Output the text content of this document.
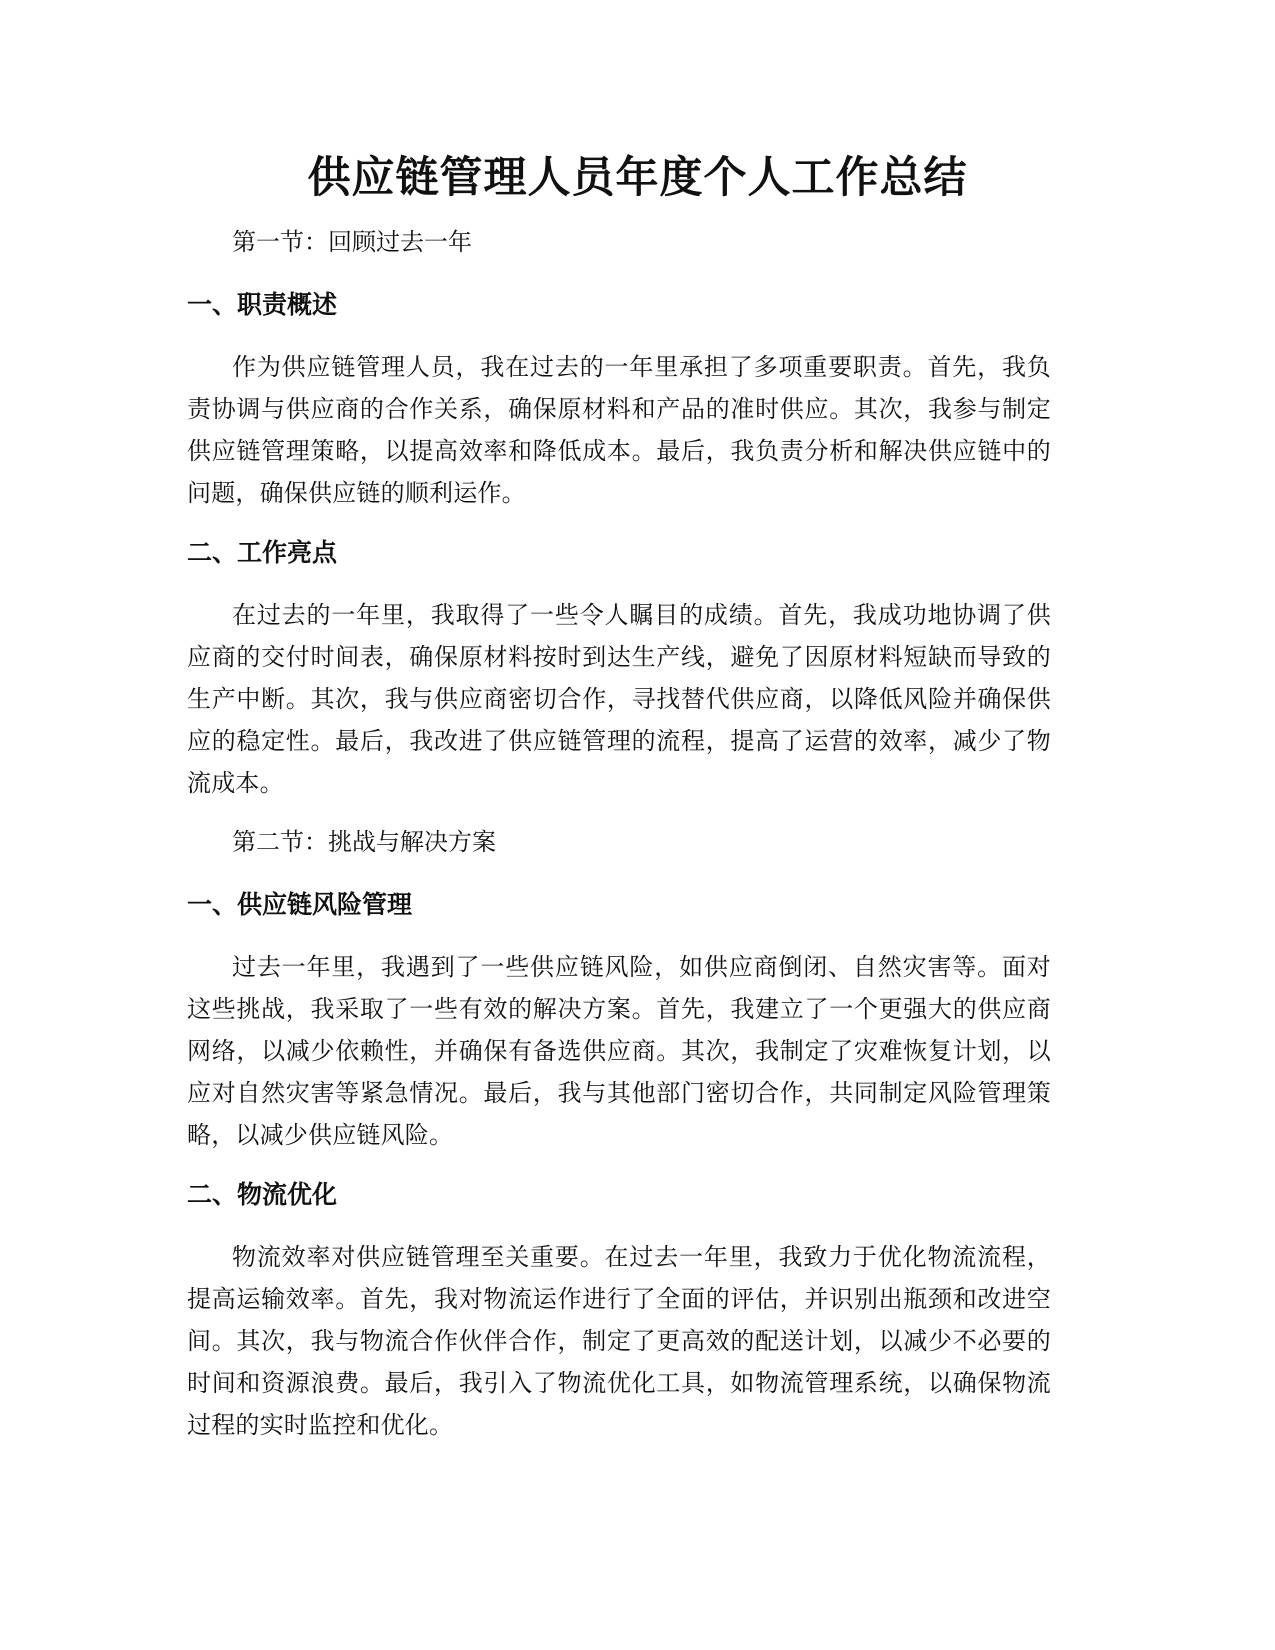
供应链管理人员年度个人工作总结

第一节：回顾过去一年

一、职责概述

作为供应链管理人员，我在过去的一年里承担了多项重要职责。首先，我负责协调与供应商的合作关系，确保原材料和产品的准时供应。其次，我参与制定供应链管理策略，以提高效率和降低成本。最后，我负责分析和解决供应链中的问题，确保供应链的顺利运作。

二、工作亮点

在过去的一年里，我取得了一些令人瞩目的成绩。首先，我成功地协调了供应商的交付时间表，确保原材料按时到达生产线，避免了因原材料短缺而导致的生产中断。其次，我与供应商密切合作，寻找替代供应商，以降低风险并确保供应的稳定性。最后，我改进了供应链管理的流程，提高了运营的效率，减少了物流成本。

第二节：挑战与解决方案

一、供应链风险管理

过去一年里，我遇到了一些供应链风险，如供应商倒闭、自然灾害等。面对这些挑战，我采取了一些有效的解决方案。首先，我建立了一个更强大的供应商网络，以减少依赖性，并确保有备选供应商。其次，我制定了灾难恢复计划，以应对自然灾害等紧急情况。最后，我与其他部门密切合作，共同制定风险管理策略，以减少供应链风险。

二、物流优化

物流效率对供应链管理至关重要。在过去一年里，我致力于优化物流流程，提高运输效率。首先，我对物流运作进行了全面的评估，并识别出瓶颈和改进空间。其次，我与物流合作伙伴合作，制定了更高效的配送计划，以减少不必要的时间和资源浪费。最后，我引入了物流优化工具，如物流管理系统，以确保物流过程的实时监控和优化。
